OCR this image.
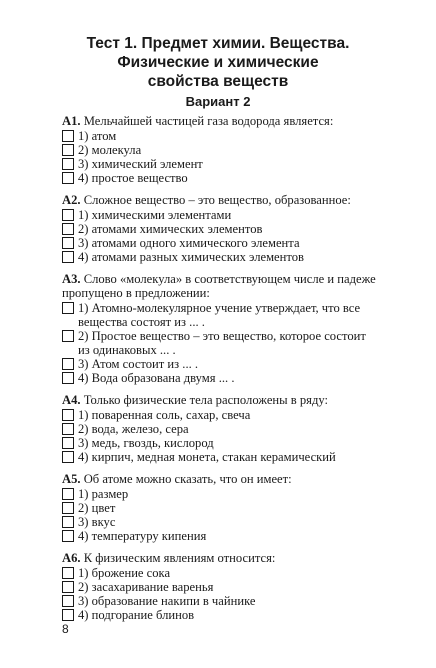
Тест 1. Предмет химии. Вещества.
Физические и химические
свойства веществ
Вариант 2

А1. Мельчайшей частицей газа водорода является:

1) атом
2) молекула
3) химический элемент
4) простое вещество

А2. Сложное вещество – это вещество, образованное:

1) химическими элементами
2) атомами химических элементов
3) атомами одного химического элемента
4) атомами разных химических элементов

А3. Слово «молекула» в соответствующем числе и падеже пропущено в предложении:

1) Атомно-молекулярное учение утверждает, что все вещества состоят из ... .
2) Простое вещество – это вещество, которое состоит из одинаковых ... .
3) Атом состоит из ... .
4) Вода образована двумя ... .

А4. Только физические тела расположены в ряду:

1) поваренная соль, сахар, свеча
2) вода, железо, сера
3) медь, гвоздь, кислород
4) кирпич, медная монета, стакан керамический

А5. Об атоме можно сказать, что он имеет:

1) размер
2) цвет
3) вкус
4) температуру кипения

А6. К физическим явлениям относится:

1) брожение сока
2) засахаривание варенья
3) образование накипи в чайнике
4) подгорание блинов
8
